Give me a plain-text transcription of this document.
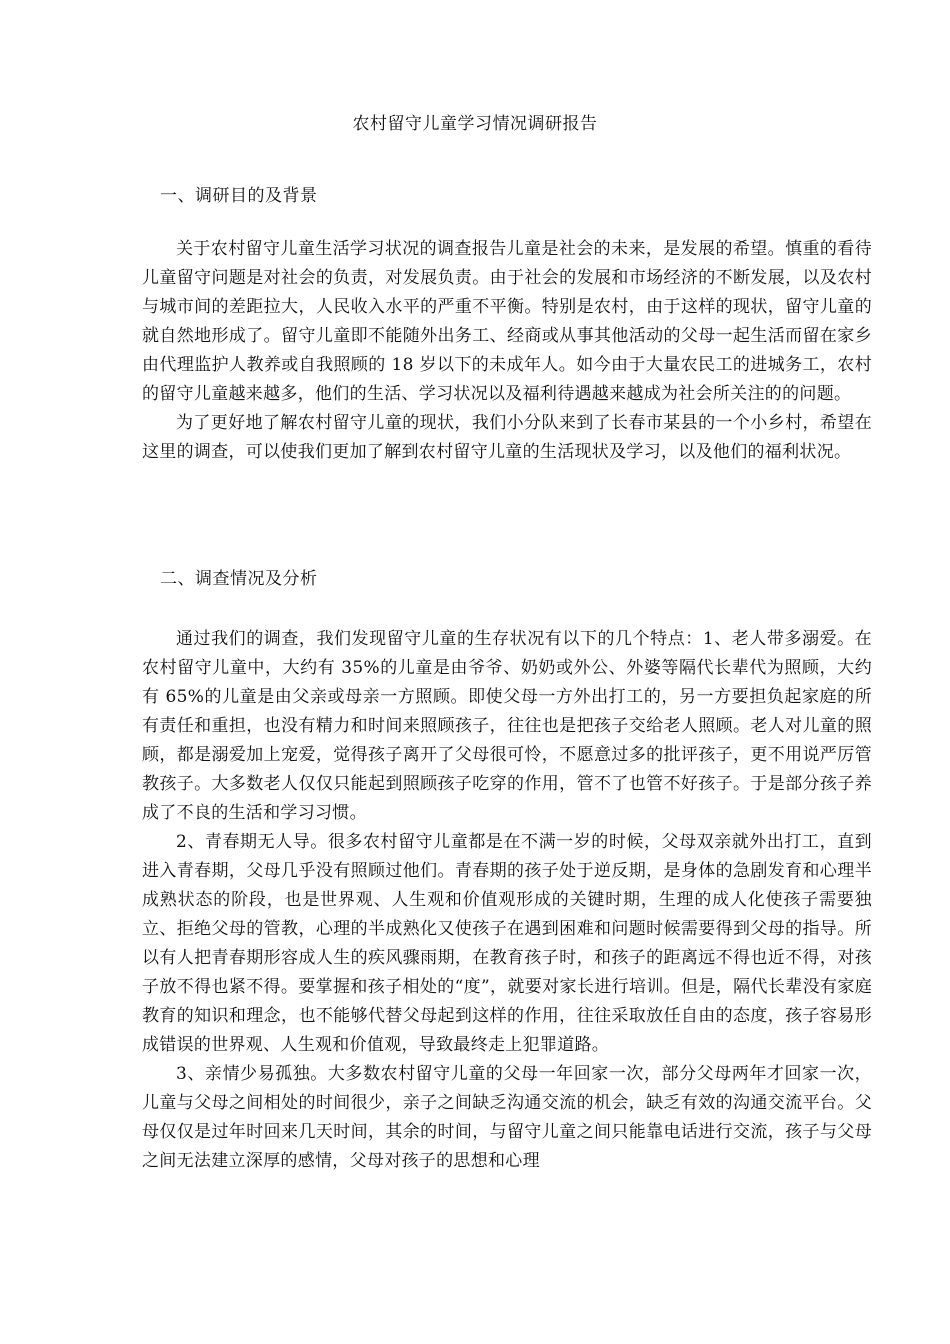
农村留守儿童学习情况调研报告
一、调研目的及背景

关于农村留守儿童生活学习状况的调查报告儿童是社会的未来，是发展的希望。慎重的看待儿童留守问题是对社会的负责，对发展负责。由于社会的发展和市场经济的不断发展，以及农村与城市间的差距拉大，人民收入水平的严重不平衡。特别是农村，由于这样的现状，留守儿童的就自然地形成了。留守儿童即不能随外出务工、经商或从事其他活动的父母一起生活而留在家乡由代理监护人教养或自我照顾的 18 岁以下的未成年人。如今由于大量农民工的进城务工，农村的留守儿童越来越多，他们的生活、学习状况以及福利待遇越来越成为社会所关注的的问题。

为了更好地了解农村留守儿童的现状，我们小分队来到了长春市某县的一个小乡村，希望在这里的调查，可以使我们更加了解到农村留守儿童的生活现状及学习，以及他们的福利状况。

二、调查情况及分析

通过我们的调查，我们发现留守儿童的生存状况有以下的几个特点：1、老人带多溺爱。在农村留守儿童中，大约有 35%的儿童是由爷爷、奶奶或外公、外婆等隔代长辈代为照顾，大约有 65%的儿童是由父亲或母亲一方照顾。即使父母一方外出打工的，另一方要担负起家庭的所有责任和重担，也没有精力和时间来照顾孩子，往往也是把孩子交给老人照顾。老人对儿童的照顾，都是溺爱加上宠爱，觉得孩子离开了父母很可怜，不愿意过多的批评孩子，更不用说严厉管教孩子。大多数老人仅仅只能起到照顾孩子吃穿的作用，管不了也管不好孩子。于是部分孩子养成了不良的生活和学习习惯。

2、青春期无人导。很多农村留守儿童都是在不满一岁的时候，父母双亲就外出打工，直到进入青春期，父母几乎没有照顾过他们。青春期的孩子处于逆反期，是身体的急剧发育和心理半成熟状态的阶段，也是世界观、人生观和价值观形成的关键时期，生理的成人化使孩子需要独立、拒绝父母的管教，心理的半成熟化又使孩子在遇到困难和问题时候需要得到父母的指导。所以有人把青春期形容成人生的疾风骤雨期，在教育孩子时，和孩子的距离远不得也近不得，对孩子放不得也紧不得。要掌握和孩子相处的“度”，就要对家长进行培训。但是，隔代长辈没有家庭教育的知识和理念，也不能够代替父母起到这样的作用，往往采取放任自由的态度，孩子容易形成错误的世界观、人生观和价值观，导致最终走上犯罪道路。

3、亲情少易孤独。大多数农村留守儿童的父母一年回家一次，部分父母两年才回家一次，儿童与父母之间相处的时间很少，亲子之间缺乏沟通交流的机会，缺乏有效的沟通交流平台。父母仅仅是过年时回来几天时间，其余的时间，与留守儿童之间只能靠电话进行交流，孩子与父母之间无法建立深厚的感情，父母对孩子的思想和心理
